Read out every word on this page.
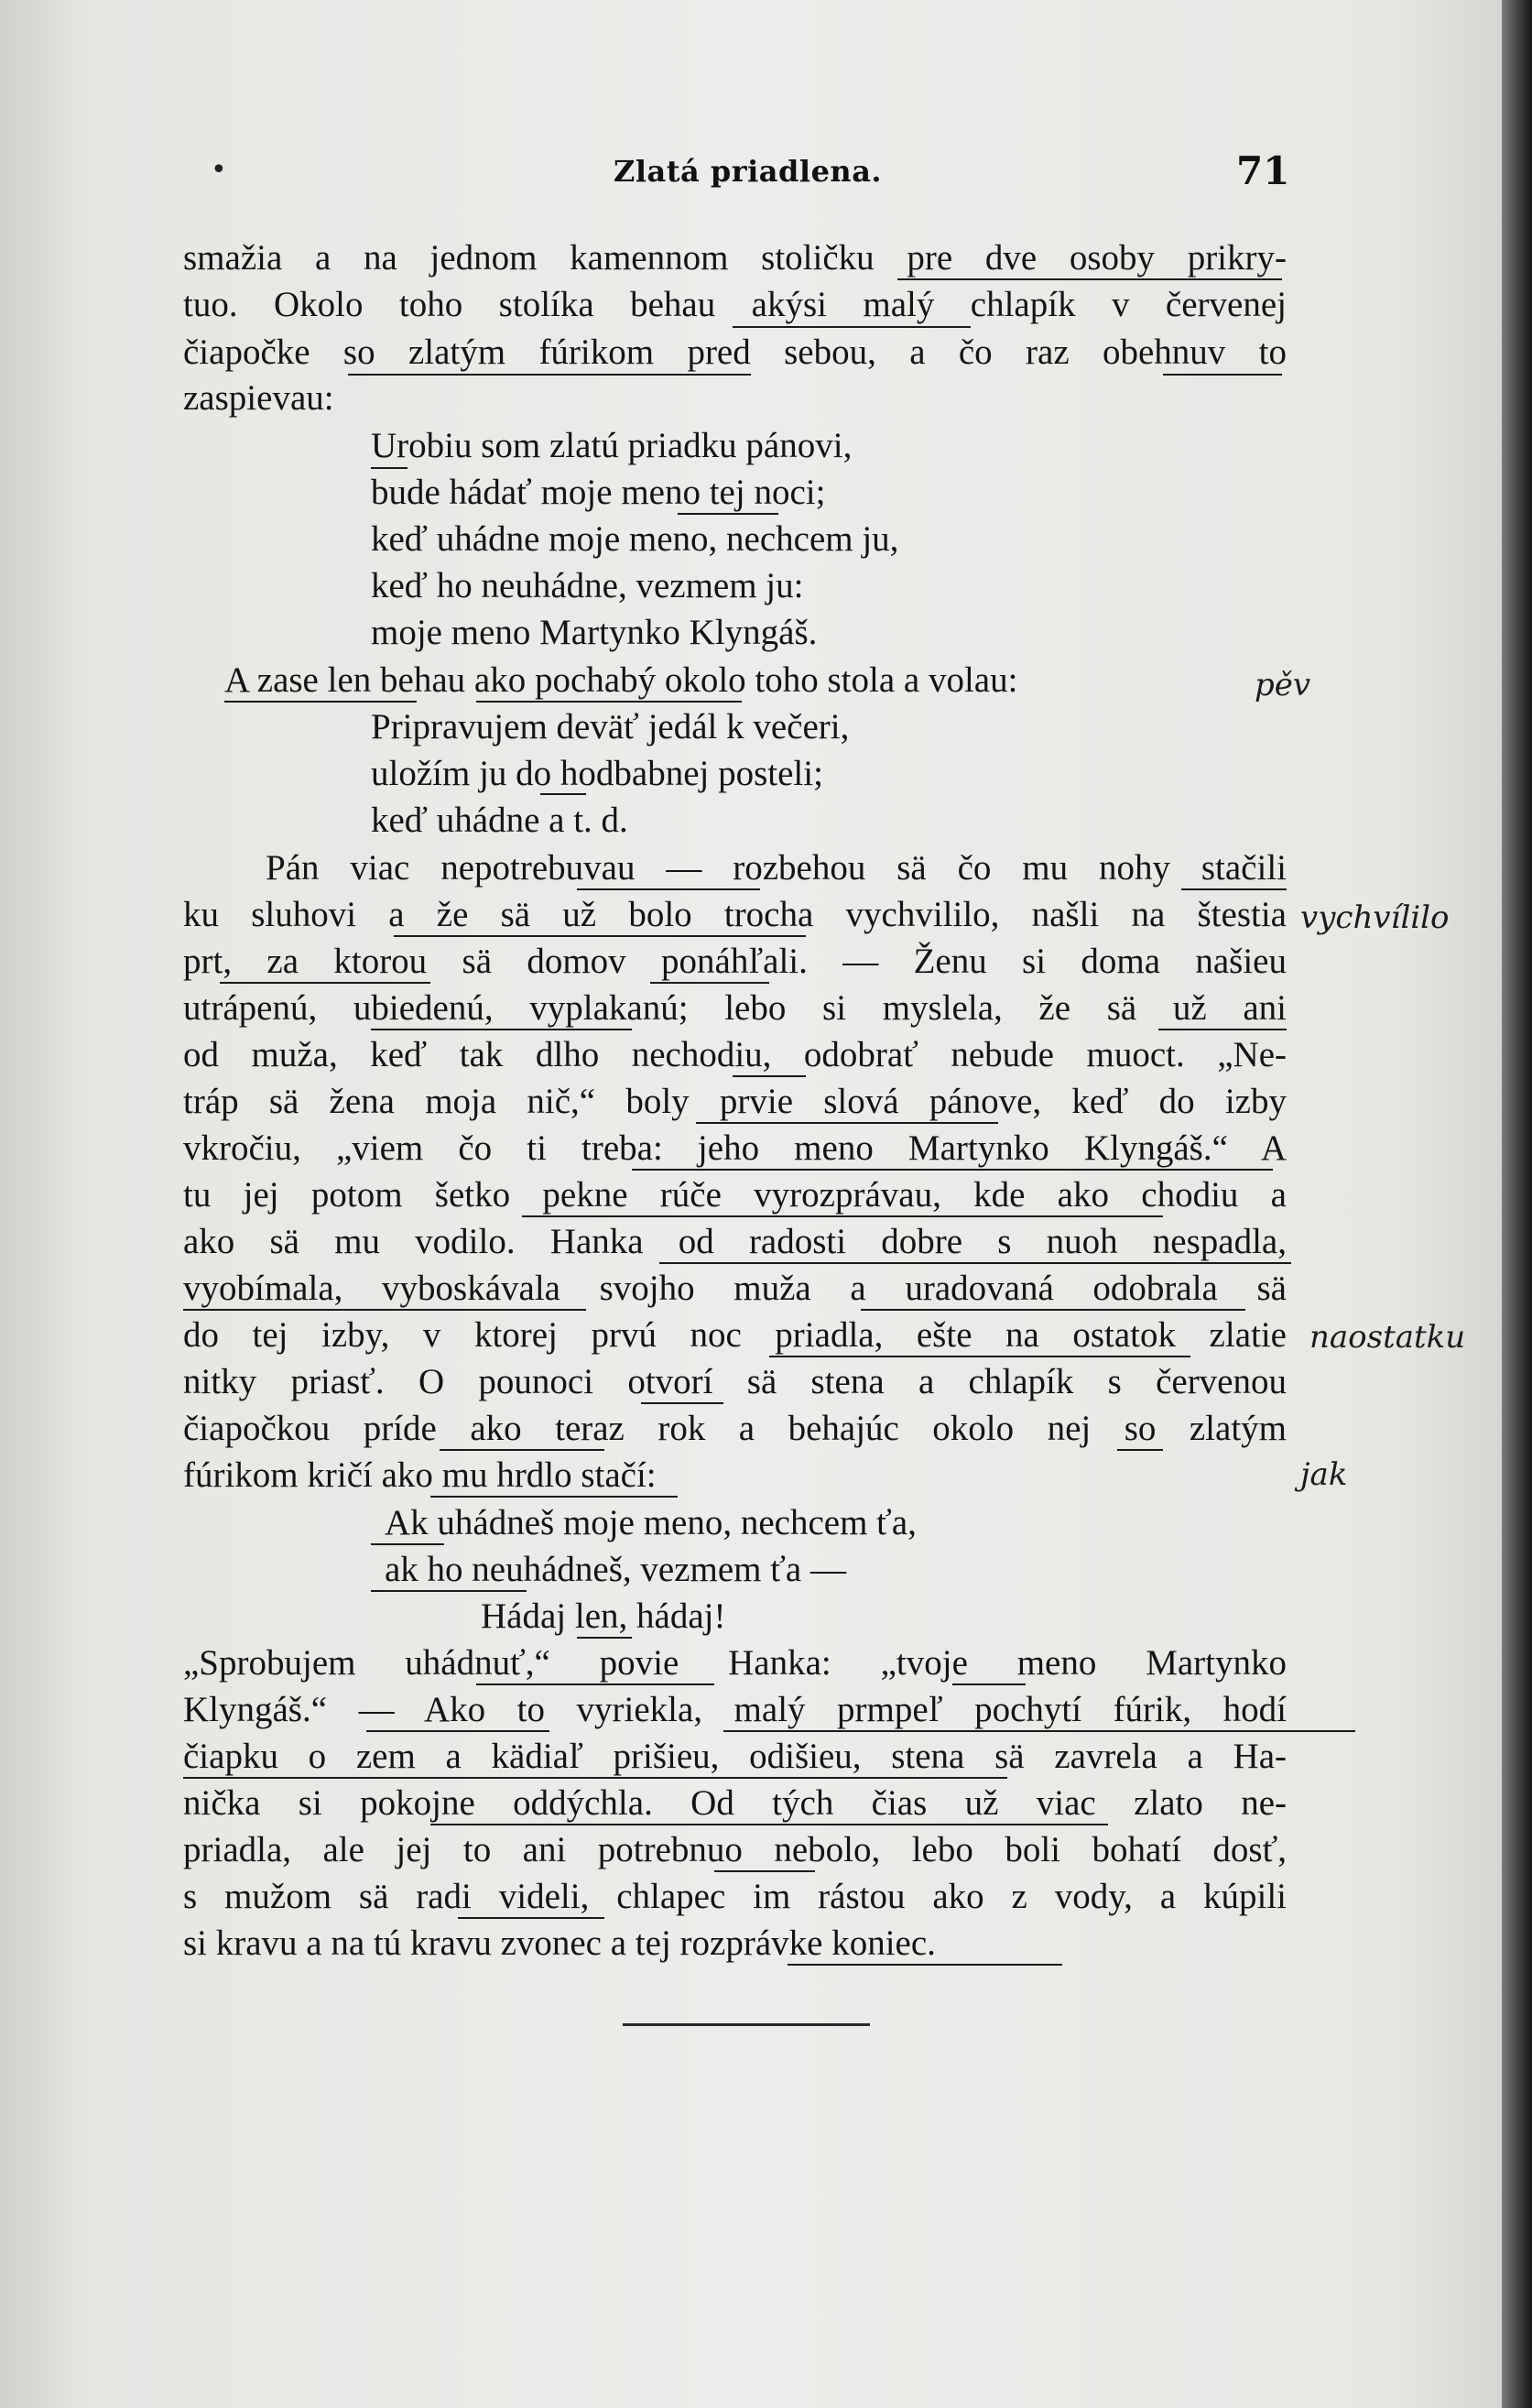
•	Zlatá priadlena.	71
smažia a na jednom kamennom stoličku pre dve osoby prikry-
tuo. Okolo toho stolíka behau akýsi malý chlapík v červenej
čiapočke so zlatým fúrikom pred sebou, a čo raz obehnuv to
zaspievau:
Urobiu som zlatú priadku pánovi,
bude hádať moje meno tej noci;
keď uhádne moje meno, nechcem ju,
keď ho neuhádne, vezmem ju:
moje meno Martynko Klyngáš.
A zase len behau ako pochabý okolo toho stola a volau:
Pripravujem deväť jedál k večeri,
uložím ju do hodbabnej posteli;
keď uhádne a t. d.
Pán viac nepotrebuvau — rozbehou sä čo mu nohy stačili
ku sluhovi a že sä už bolo trocha vychvililo, našli na štestia
prt, za ktorou sä domov ponáhľali. — Ženu si doma našieu
utrápenú, ubiedenú, vyplakanú; lebo si myslela, že sä už ani
od muža, keď tak dlho nechodiu, odobrať nebude muoct. „Ne-
tráp sä žena moja nič,“ boly prvie slová pánove, keď do izby
vkročiu, „viem čo ti treba: jeho meno Martynko Klyngáš.“ A
tu jej potom šetko pekne rúče vyrozprávau, kde ako chodiu a
ako sä mu vodilo. Hanka od radosti dobre s nuoh nespadla,
vyobímala, vyboskávala svojho muža a uradovaná odobrala sä
do tej izby, v ktorej prvú noc priadla, ešte na ostatok zlatie
nitky priasť. O pounoci otvorí sä stena a chlapík s červenou
čiapočkou príde ako teraz rok a behajúc okolo nej so zlatým
fúrikom kričí ako mu hrdlo stačí:
Ak uhádneš moje meno, nechcem ťa,
ak ho neuhádneš, vezmem ťa —
Hádaj len, hádaj!
„Sprobujem uhádnuť,“ povie Hanka: „tvoje meno Martynko
Klyngáš.“ — Ako to vyriekla, malý prmpeľ pochytí fúrik, hodí
čiapku o zem a kädiaľ prišieu, odišieu, stena sä zavrela a Ha-
nička si pokojne oddýchla. Od tých čias už viac zlato ne-
priadla, ale jej to ani potrebnuo nebolo, lebo boli bohatí dosť,
s mužom sä radi videli, chlapec im rástou ako z vody, a kúpili
si kravu a na tú kravu zvonec a tej rozprávke koniec.
pěv
vychvílilo
naostatku
jak
